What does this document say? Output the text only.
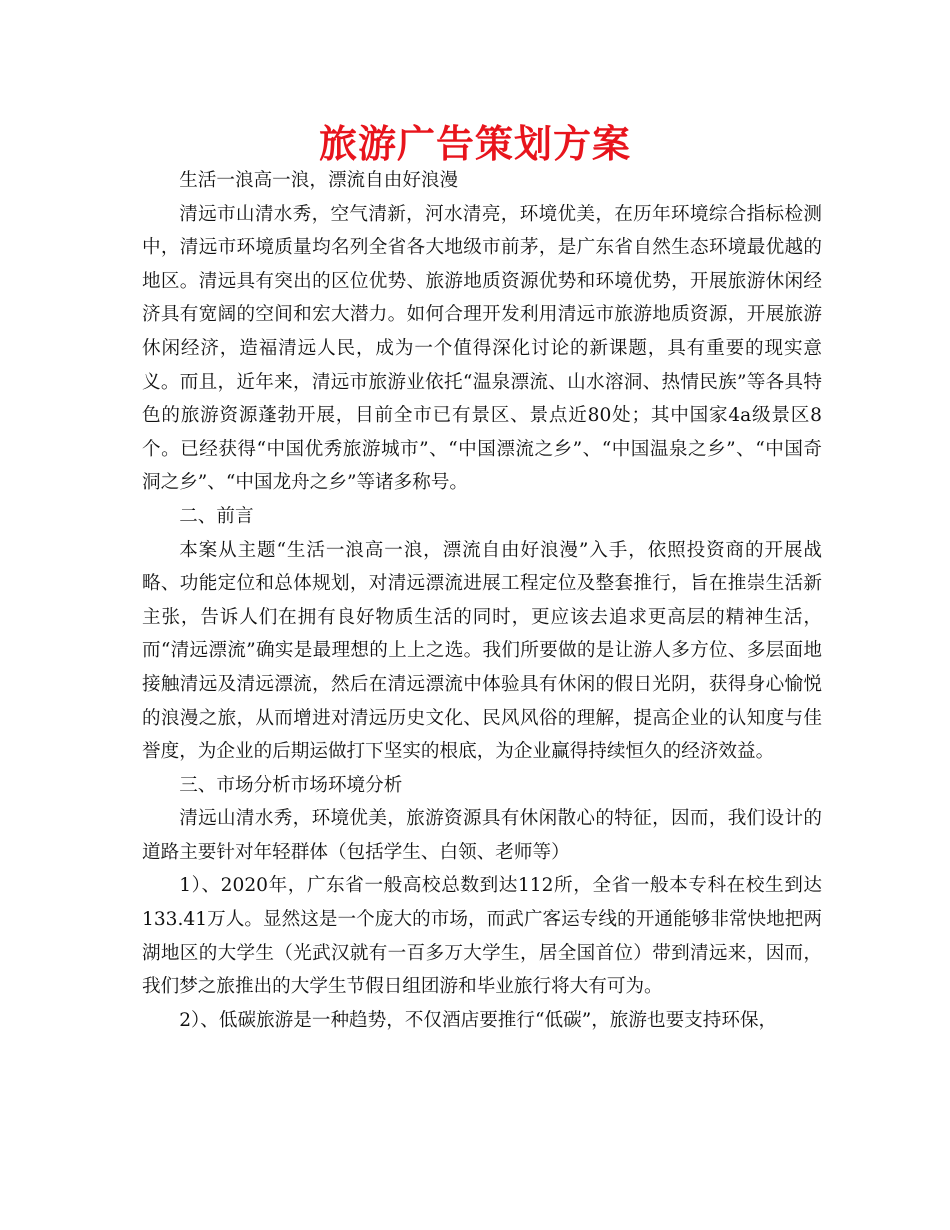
旅游广告策划方案

生活一浪高一浪，漂流自由好浪漫

清远市山清水秀，空气清新，河水清亮，环境优美，在历年环境综合指标检测中，清远市环境质量均名列全省各大地级市前茅，是广东省自然生态环境最优越的地区。清远具有突出的区位优势、旅游地质资源优势和环境优势，开展旅游休闲经济具有宽阔的空间和宏大潜力。如何合理开发利用清远市旅游地质资源，开展旅游休闲经济，造福清远人民，成为一个值得深化讨论的新课题，具有重要的现实意义。而且，近年来，清远市旅游业依托“温泉漂流、山水溶洞、热情民族”等各具特色的旅游资源蓬勃开展，目前全市已有景区、景点近80处；其中国家4a级景区8个。已经获得“中国优秀旅游城市”、“中国漂流之乡”、“中国温泉之乡”、“中国奇洞之乡”、“中国龙舟之乡”等诸多称号。

二、前言

本案从主题“生活一浪高一浪，漂流自由好浪漫”入手，依照投资商的开展战略、功能定位和总体规划，对清远漂流进展工程定位及整套推行，旨在推崇生活新主张，告诉人们在拥有良好物质生活的同时，更应该去追求更高层的精神生活，而“清远漂流”确实是最理想的上上之选。我们所要做的是让游人多方位、多层面地接触清远及清远漂流，然后在清远漂流中体验具有休闲的假日光阴，获得身心愉悦的浪漫之旅，从而增进对清远历史文化、民风风俗的理解，提高企业的认知度与佳誉度，为企业的后期运做打下坚实的根底，为企业赢得持续恒久的经济效益。

三、市场分析市场环境分析

清远山清水秀，环境优美，旅游资源具有休闲散心的特征，因而，我们设计的道路主要针对年轻群体（包括学生、白领、老师等）

1）、2020年，广东省一般高校总数到达112所，全省一般本专科在校生到达133.41万人。显然这是一个庞大的市场，而武广客运专线的开通能够非常快地把两湖地区的大学生（光武汉就有一百多万大学生，居全国首位）带到清远来，因而，我们梦之旅推出的大学生节假日组团游和毕业旅行将大有可为。

2）、低碳旅游是一种趋势，不仅酒店要推行“低碳”，旅游也要支持环保，
